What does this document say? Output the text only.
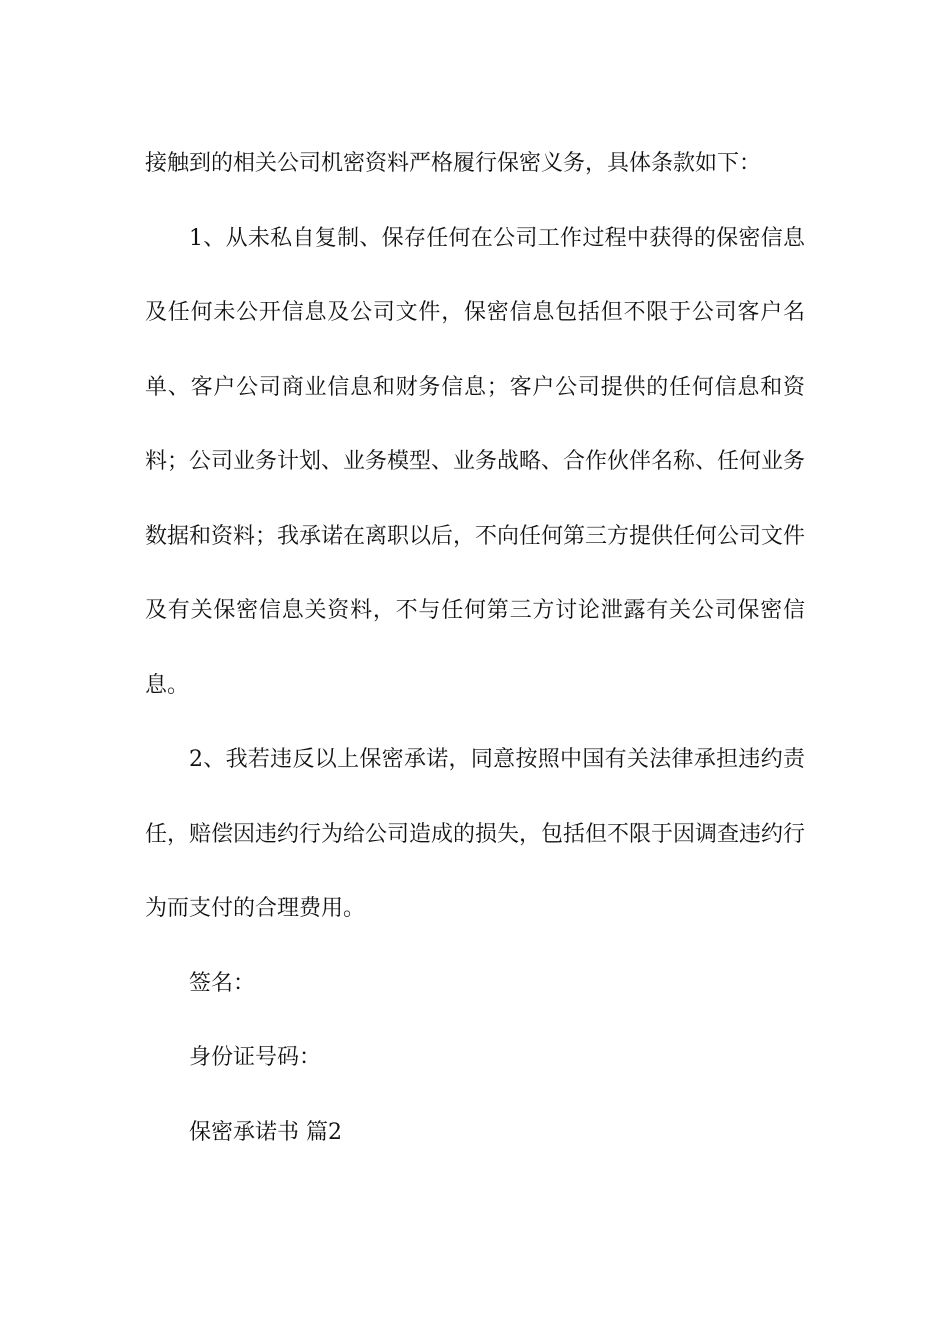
接触到的相关公司机密资料严格履行保密义务，具体条款如下：

1、从未私自复制、保存任何在公司工作过程中获得的保密信息及任何未公开信息及公司文件，保密信息包括但不限于公司客户名单、客户公司商业信息和财务信息；客户公司提供的任何信息和资料；公司业务计划、业务模型、业务战略、合作伙伴名称、任何业务数据和资料；我承诺在离职以后，不向任何第三方提供任何公司文件及有关保密信息关资料，不与任何第三方讨论泄露有关公司保密信息。

2、我若违反以上保密承诺，同意按照中国有关法律承担违约责任，赔偿因违约行为给公司造成的损失，包括但不限于因调查违约行为而支付的合理费用。

签名：

身份证号码：

保密承诺书 篇2
